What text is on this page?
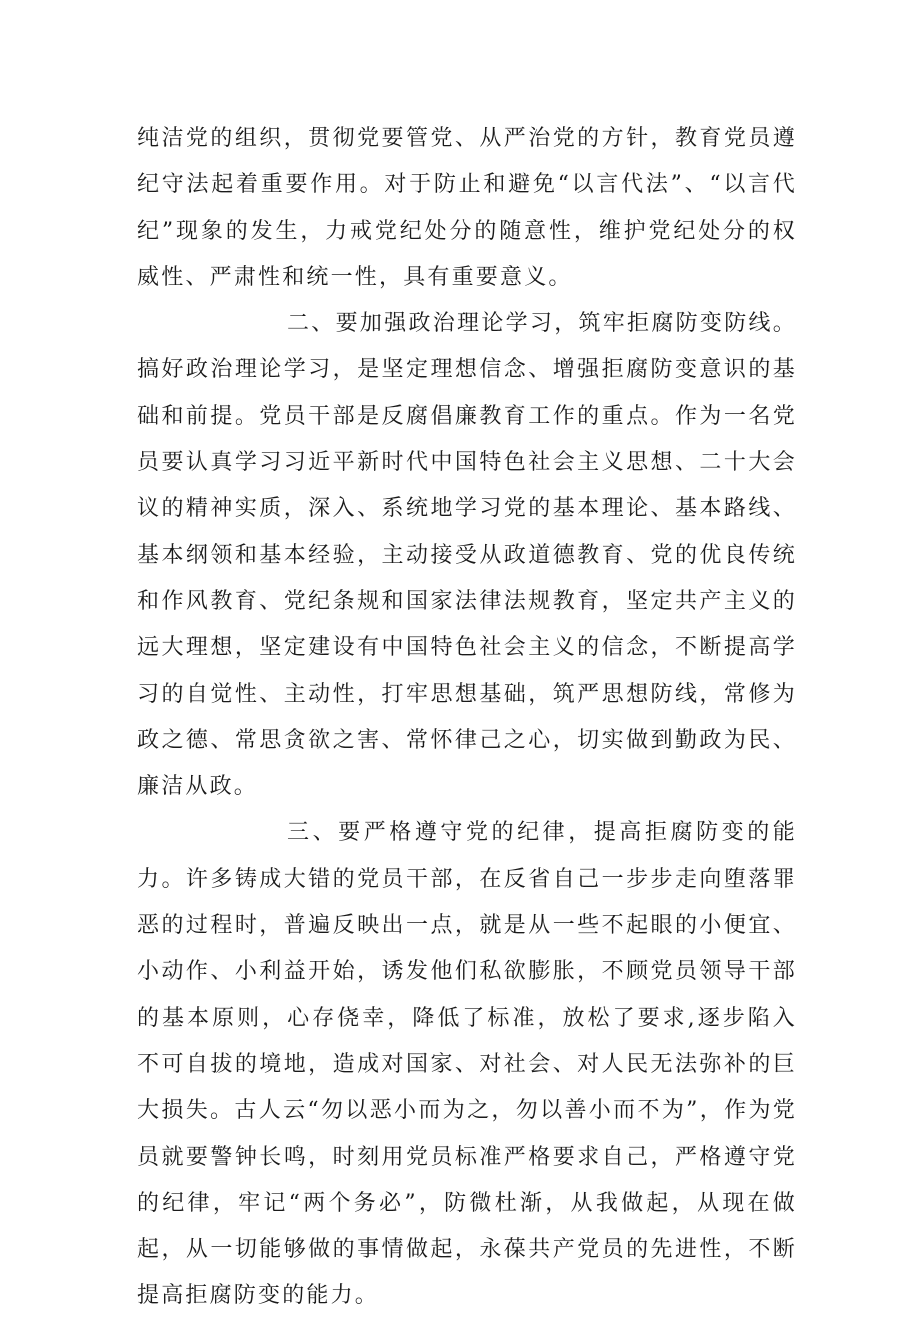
纯洁党的组织，贯彻党要管党、从严治党的方针，教育党员遵纪守法起着重要作用。对于防止和避免“以言代法”、“以言代纪”现象的发生，力戒党纪处分的随意性，维护党纪处分的权威性、严肃性和统一性，具有重要意义。

二、要加强政治理论学习，筑牢拒腐防变防线。搞好政治理论学习，是坚定理想信念、增强拒腐防变意识的基础和前提。党员干部是反腐倡廉教育工作的重点。作为一名党员要认真学习习近平新时代中国特色社会主义思想、二十大会议的精神实质，深入、系统地学习党的基本理论、基本路线、基本纲领和基本经验，主动接受从政道德教育、党的优良传统和作风教育、党纪条规和国家法律法规教育，坚定共产主义的远大理想，坚定建设有中国特色社会主义的信念，不断提高学习的自觉性、主动性，打牢思想基础，筑严思想防线，常修为政之德、常思贪欲之害、常怀律己之心，切实做到勤政为民、廉洁从政。

三、要严格遵守党的纪律，提高拒腐防变的能力。许多铸成大错的党员干部，在反省自己一步步走向堕落罪恶的过程时，普遍反映出一点，就是从一些不起眼的小便宜、小动作、小利益开始，诱发他们私欲膨胀，不顾党员领导干部的基本原则，心存侥幸，降低了标准，放松了要求,逐步陷入不可自拔的境地，造成对国家、对社会、对人民无法弥补的巨大损失。古人云“勿以恶小而为之，勿以善小而不为”，作为党员就要警钟长鸣，时刻用党员标准严格要求自己，严格遵守党的纪律，牢记“两个务必”，防微杜渐，从我做起，从现在做起，从一切能够做的事情做起，永葆共产党员的先进性，不断提高拒腐防变的能力。
